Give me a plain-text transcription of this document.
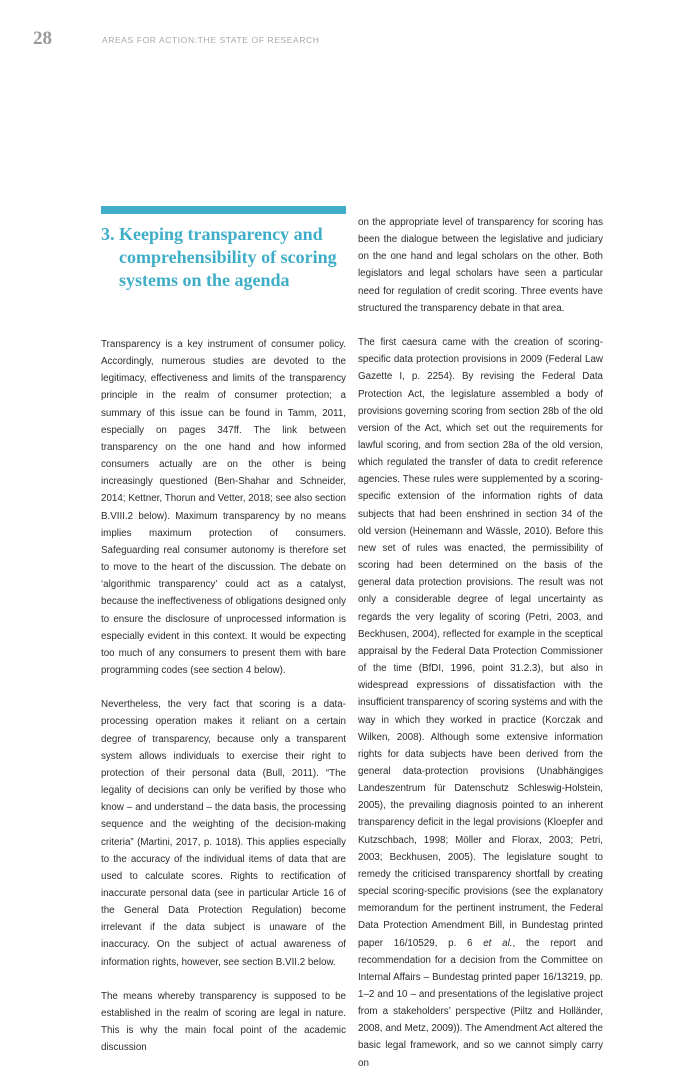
28	AREAS FOR ACTION:THE STATE OF RESEARCH
3. Keeping transparency and comprehensibility of scoring systems on the agenda

Transparency is a key instrument of consumer policy. Accordingly, numerous studies are devoted to the legitimacy, effectiveness and limits of the transparency principle in the realm of consumer protection; a summary of this issue can be found in Tamm, 2011, especially on pages 347ff. The link between transparency on the one hand and how informed consumers actually are on the other is being increasingly questioned (Ben-Shahar and Schneider, 2014; Kettner, Thorun and Vetter, 2018; see also section B.VIII.2 below). Maximum transparency by no means implies maximum protection of consumers. Safeguarding real consumer autonomy is therefore set to move to the heart of the discussion. The debate on ‘algorithmic transparency’ could act as a catalyst, because the ineffectiveness of obligations designed only to ensure the disclosure of unprocessed information is especially evident in this context. It would be expecting too much of any consumers to present them with bare programming codes (see section 4 below).

Nevertheless, the very fact that scoring is a data-processing operation makes it reliant on a certain degree of transparency, because only a transparent system allows individuals to exercise their right to protection of their personal data (Bull, 2011). “The legality of decisions can only be verified by those who know – and understand – the data basis, the processing sequence and the weighting of the decision-making criteria” (Martini, 2017, p. 1018). This applies especially to the accuracy of the individual items of data that are used to calculate scores. Rights to rectification of inaccurate personal data (see in particular Article 16 of the General Data Protection Regulation) become irrelevant if the data subject is unaware of the inaccuracy. On the subject of actual awareness of information rights, however, see section B.VII.2 below.

The means whereby transparency is supposed to be established in the realm of scoring are legal in nature. This is why the main focal point of the academic discussion

on the appropriate level of transparency for scoring has been the dialogue between the legislative and judiciary on the one hand and legal scholars on the other. Both legislators and legal scholars have seen a particular need for regulation of credit scoring. Three events have structured the transparency debate in that area.

The first caesura came with the creation of scoring-specific data protection provisions in 2009 (Federal Law Gazette I, p. 2254). By revising the Federal Data Protection Act, the legislature assembled a body of provisions governing scoring from section 28b of the old version of the Act, which set out the requirements for lawful scoring, and from section 28a of the old version, which regulated the transfer of data to credit reference agencies. These rules were supplemented by a scoring-specific extension of the information rights of data subjects that had been enshrined in section 34 of the old version (Heinemann and Wässle, 2010). Before this new set of rules was enacted, the permissibility of scoring had been determined on the basis of the general data protection provisions. The result was not only a considerable degree of legal uncertainty as regards the very legality of scoring (Petri, 2003, and Beckhusen, 2004), reflected for example in the sceptical appraisal by the Federal Data Protection Commissioner of the time (BfDI, 1996, point 31.2.3), but also in widespread expressions of dissatisfaction with the insufficient transparency of scoring systems and with the way in which they worked in practice (Korczak and Wilken, 2008). Although some extensive information rights for data subjects have been derived from the general data-protection provisions (Unabhängiges Landeszentrum für Datenschutz Schleswig-Holstein, 2005), the prevailing diagnosis pointed to an inherent transparency deficit in the legal provisions (Kloepfer and Kutzschbach, 1998; Möller and Florax, 2003; Petri, 2003; Beckhusen, 2005). The legislature sought to remedy the criticised transparency shortfall by creating special scoring-specific provisions (see the explanatory memorandum for the pertinent instrument, the Federal Data Protection Amendment Bill, in Bundestag printed paper 16/10529, p. 6 et al., the report and recommendation for a decision from the Committee on Internal Affairs – Bundestag printed paper 16/13219, pp. 1–2 and 10 – and presentations of the legislative project from a stakeholders’ perspective (Piltz and Holländer, 2008, and Metz, 2009)). The Amendment Act altered the basic legal framework, and so we cannot simply carry on
